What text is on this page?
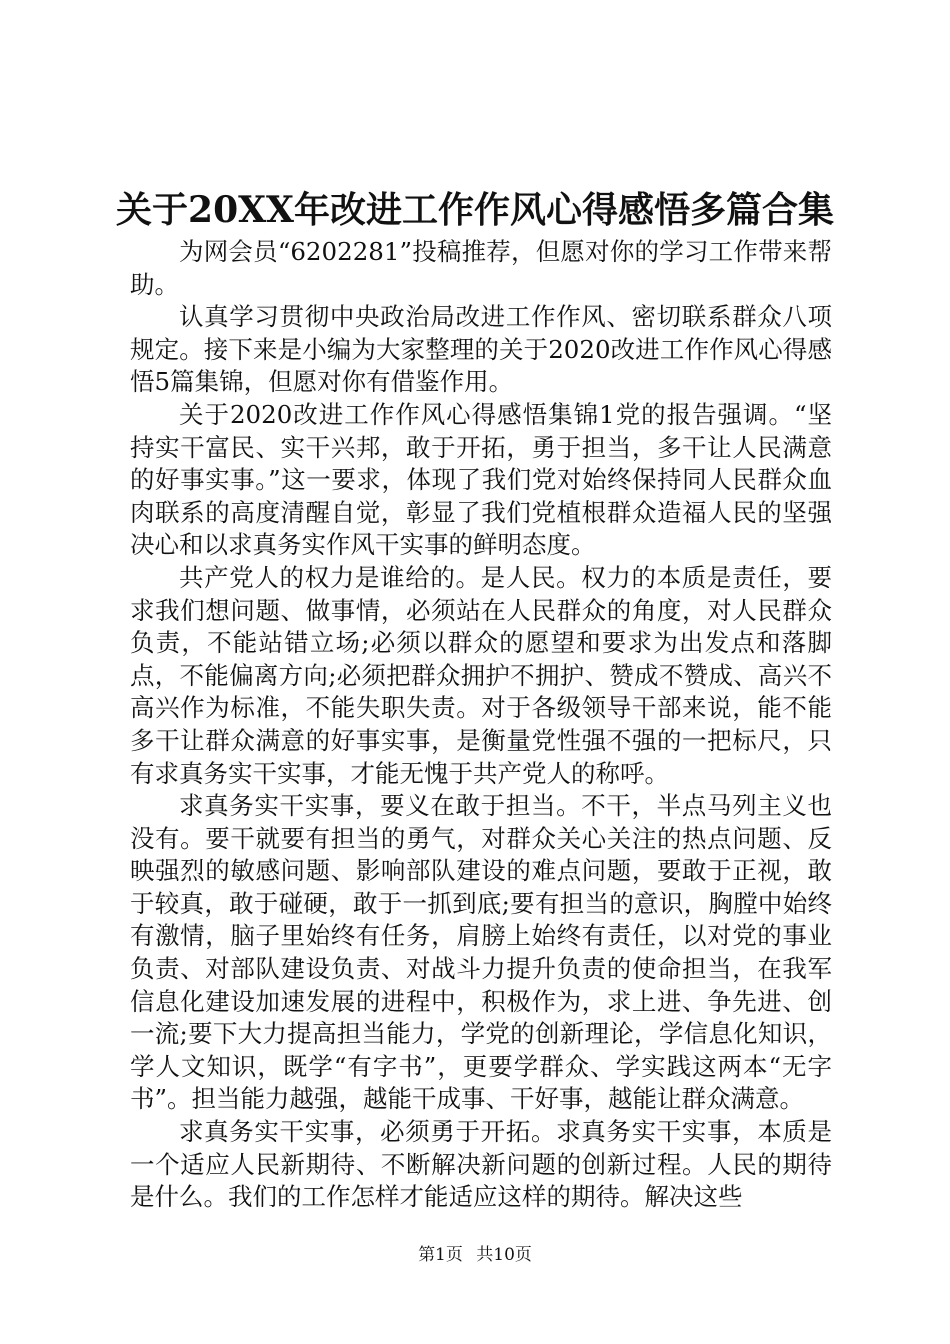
关于20XX年改进工作作风心得感悟多篇合集

为网会员“6202281”投稿推荐，但愿对你的学习工作带来帮助。

认真学习贯彻中央政治局改进工作作风、密切联系群众八项规定。接下来是小编为大家整理的关于2020改进工作作风心得感悟5篇集锦，但愿对你有借鉴作用。

关于2020改进工作作风心得感悟集锦1党的报告强调。“坚持实干富民、实干兴邦，敢于开拓，勇于担当，多干让人民满意的好事实事。”这一要求，体现了我们党对始终保持同人民群众血肉联系的高度清醒自觉，彰显了我们党植根群众造福人民的坚强决心和以求真务实作风干实事的鲜明态度。

共产党人的权力是谁给的。是人民。权力的本质是责任，要求我们想问题、做事情，必须站在人民群众的角度，对人民群众负责，不能站错立场;必须以群众的愿望和要求为出发点和落脚点，不能偏离方向;必须把群众拥护不拥护、赞成不赞成、高兴不高兴作为标准，不能失职失责。对于各级领导干部来说，能不能多干让群众满意的好事实事，是衡量党性强不强的一把标尺，只有求真务实干实事，才能无愧于共产党人的称呼。

求真务实干实事，要义在敢于担当。不干，半点马列主义也没有。要干就要有担当的勇气，对群众关心关注的热点问题、反映强烈的敏感问题、影响部队建设的难点问题，要敢于正视，敢于较真，敢于碰硬，敢于一抓到底;要有担当的意识，胸膛中始终有激情，脑子里始终有任务，肩膀上始终有责任，以对党的事业负责、对部队建设负责、对战斗力提升负责的使命担当，在我军信息化建设加速发展的进程中，积极作为，求上进、争先进、创一流;要下大力提高担当能力，学党的创新理论，学信息化知识，学人文知识，既学“有字书”，更要学群众、学实践这两本“无字书”。担当能力越强，越能干成事、干好事，越能让群众满意。

求真务实干实事，必须勇于开拓。求真务实干实事，本质是一个适应人民新期待、不断解决新问题的创新过程。人民的期待是什么。我们的工作怎样才能适应这样的期待。解决这些

第1页 共10页
